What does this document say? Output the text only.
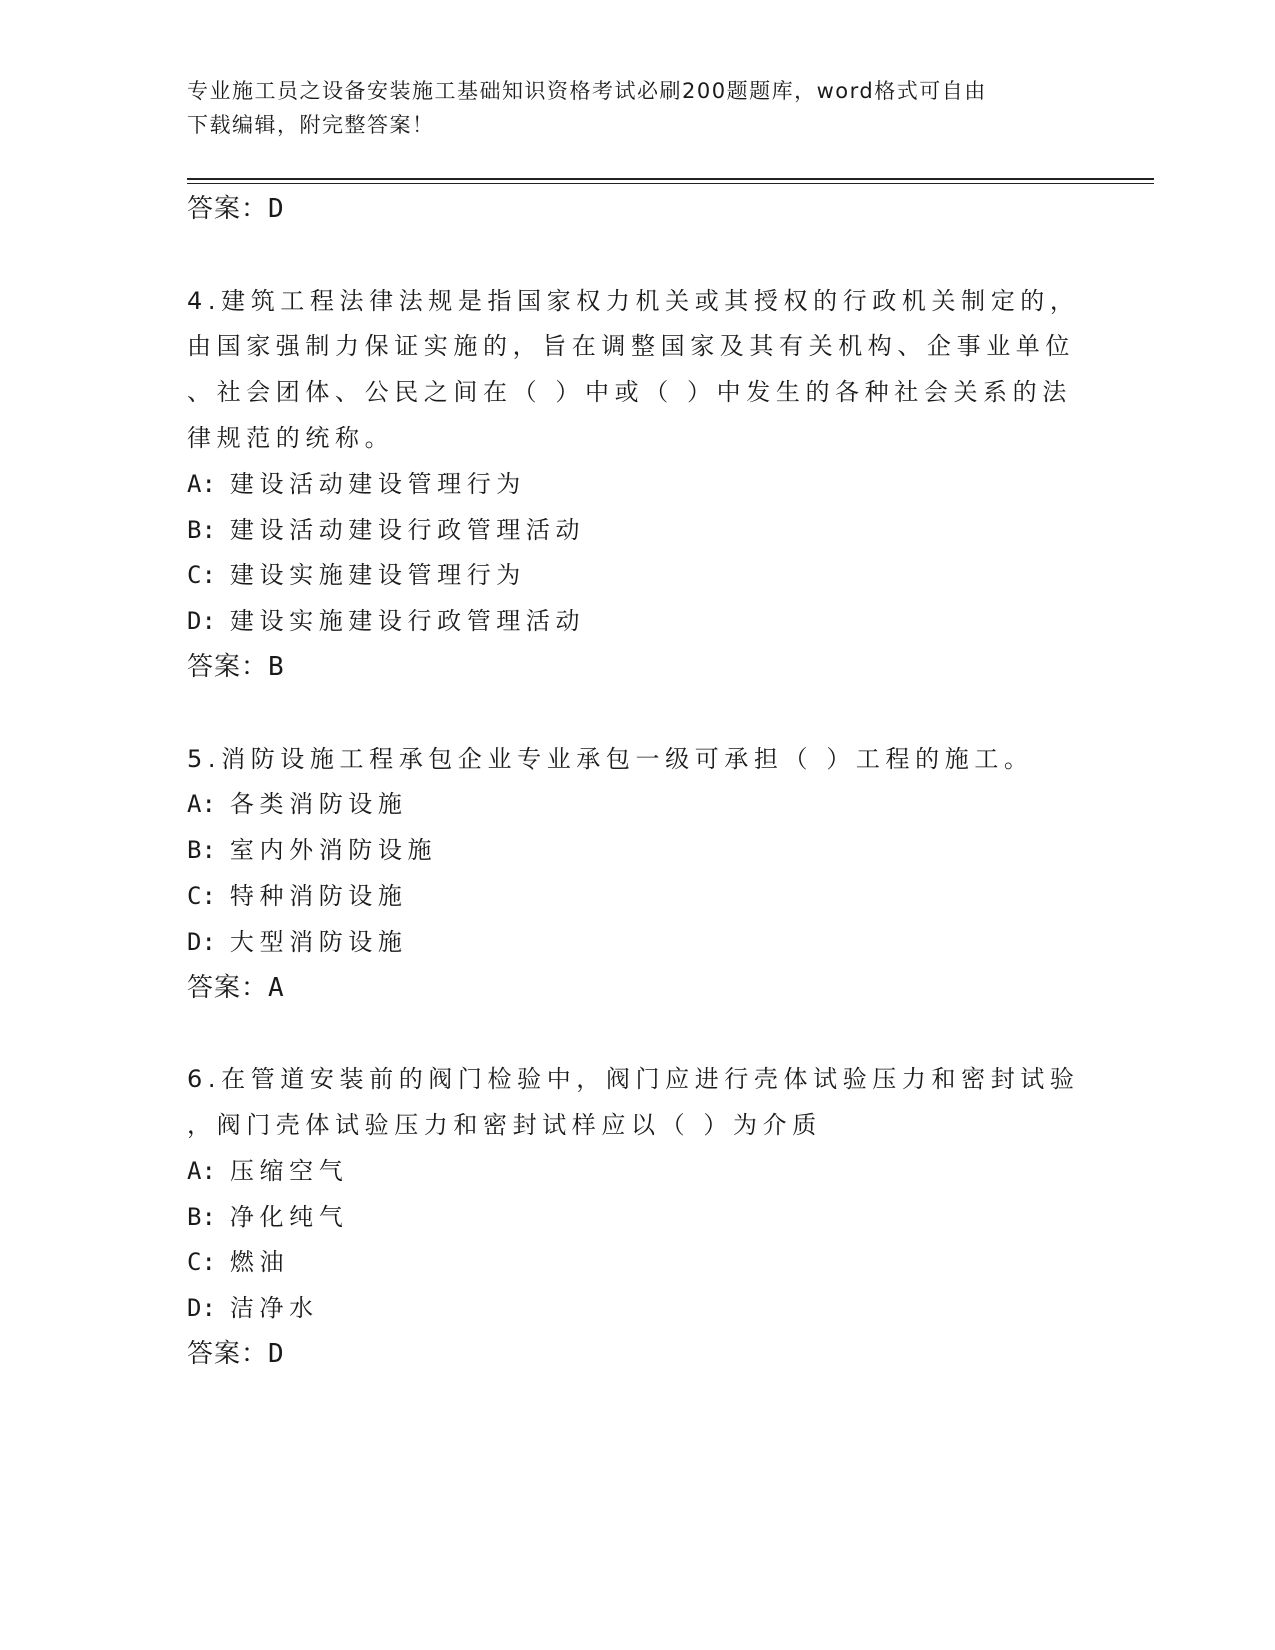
专业施工员之设备安装施工基础知识资格考试必刷200题题库，word格式可自由
下载编辑，附完整答案！

答案：D

4.建筑工程法律法规是指国家权力机关或其授权的行政机关制定的，
由国家强制力保证实施的，旨在调整国家及其有关机构、企事业单位
、社会团体、公民之间在（ ）中或（ ）中发生的各种社会关系的法
律规范的统称。

A: 建设活动建设管理行为

B: 建设活动建设行政管理活动

C: 建设实施建设管理行为

D: 建设实施建设行政管理活动

答案：B

5.消防设施工程承包企业专业承包一级可承担（ ）工程的施工。

A: 各类消防设施

B: 室内外消防设施

C: 特种消防设施

D: 大型消防设施

答案：A

6.在管道安装前的阀门检验中，阀门应进行壳体试验压力和密封试验
，阀门壳体试验压力和密封试样应以（ ）为介质

A: 压缩空气

B: 净化纯气

C: 燃油

D: 洁净水

答案：D
